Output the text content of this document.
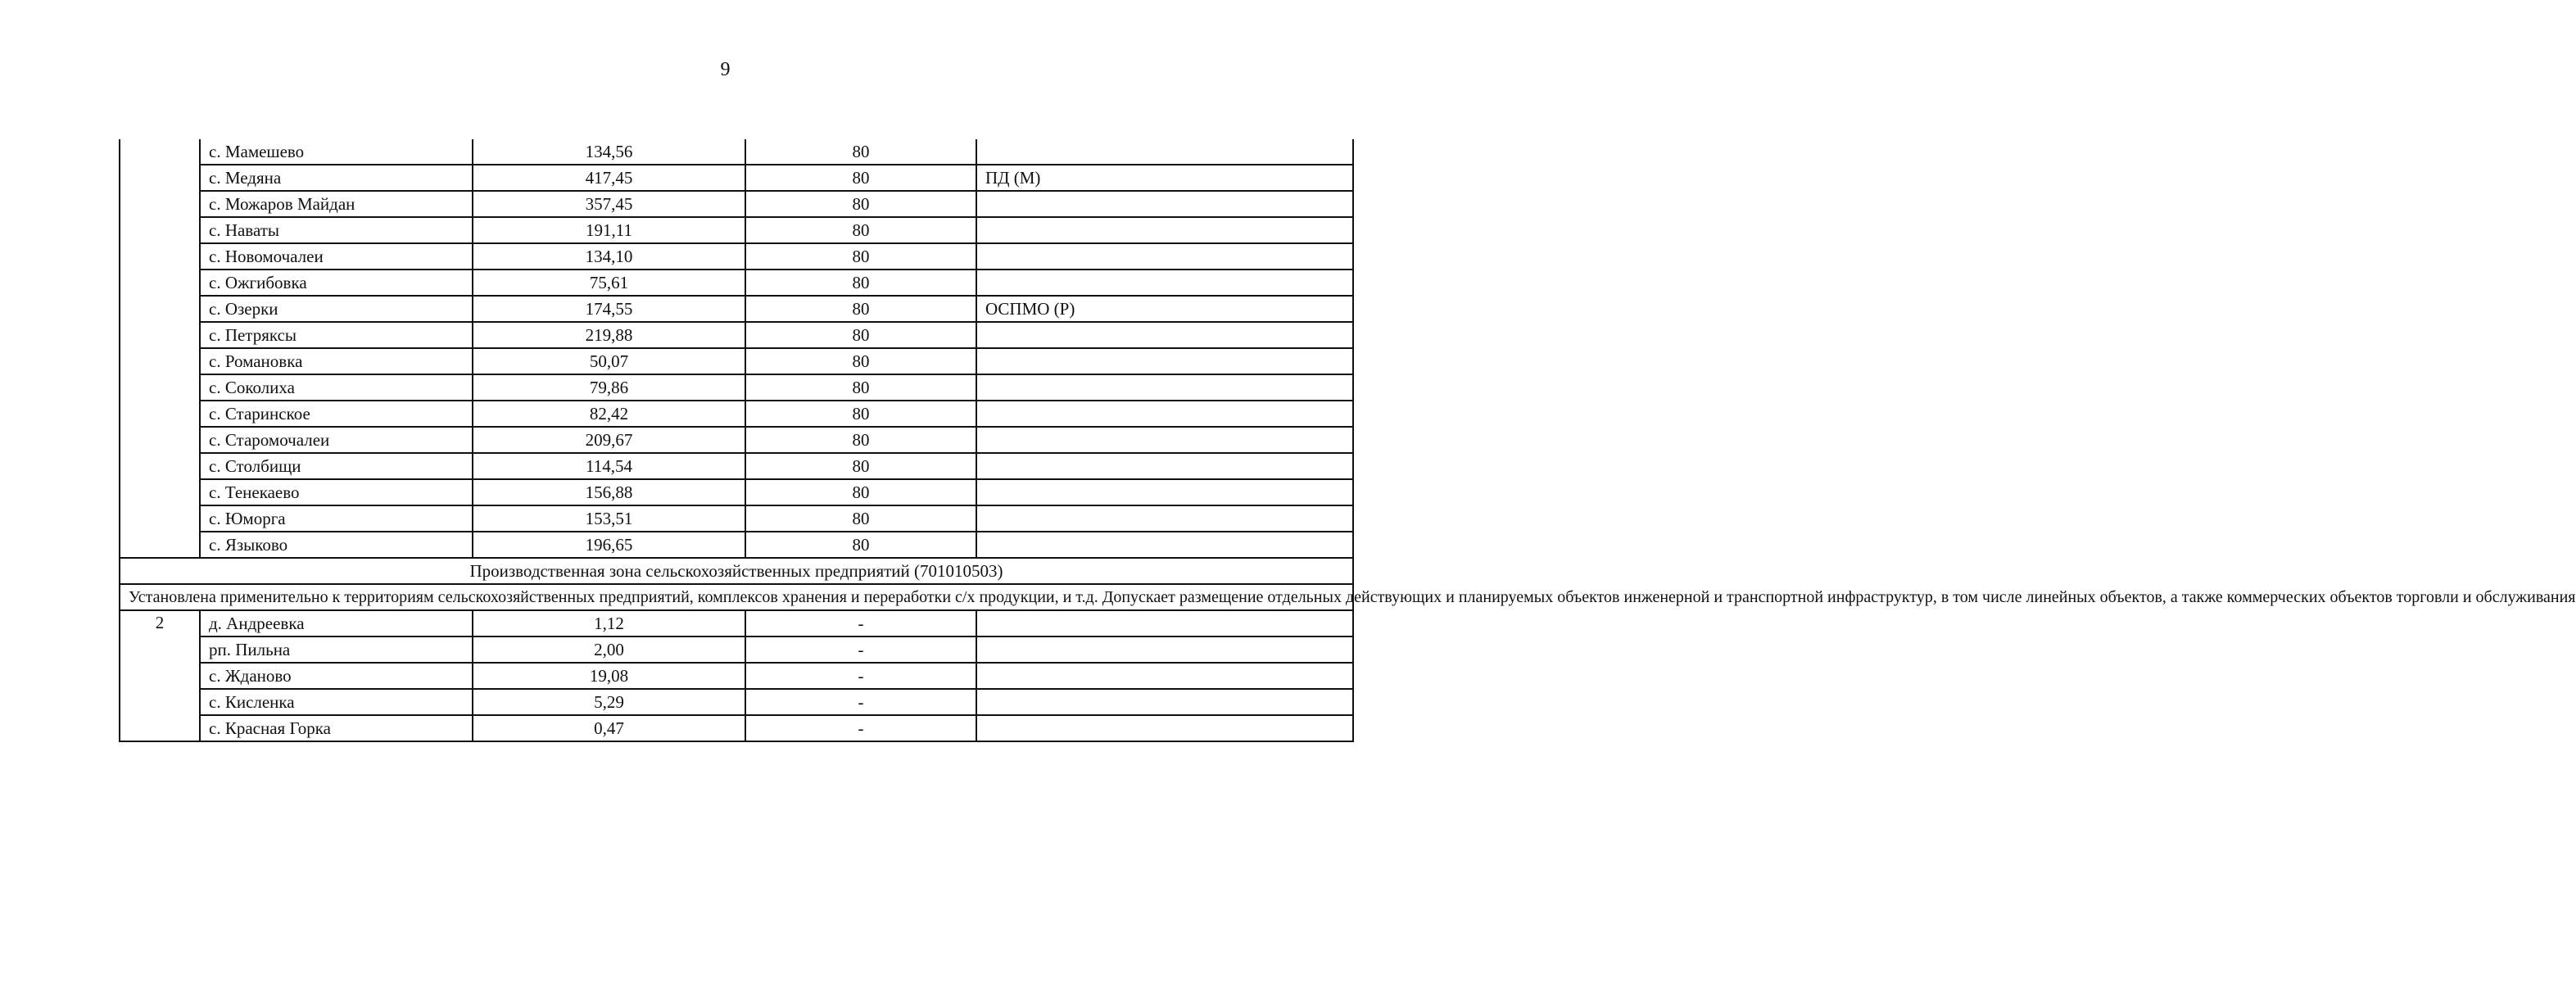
9
	с. Мамешево	134,56	80	
	с. Медяна	417,45	80	ПД (М)
	с. Можаров Майдан	357,45	80	
	с. Наваты	191,11	80	
	с. Новомочалеи	134,10	80	
	с. Ожгибовка	75,61	80	
	с. Озерки	174,55	80	ОСПМО (Р)
	с. Петряксы	219,88	80	
	с. Романовка	50,07	80	
	с. Соколиха	79,86	80	
	с. Старинское	82,42	80	
	с. Старомочалеи	209,67	80	
	с. Столбищи	114,54	80	
	с. Тенекаево	156,88	80	
	с. Юморга	153,51	80	
	с. Языково	196,65	80	
Производственная зона сельскохозяйственных предприятий (701010503)				
Установлена применительно к территориям сельскохозяйственных предприятий, комплексов хранения и переработки с/х продукции, и т.д. Допускает размещение отдельных действующих и планируемых объектов инженерной и транспортной инфраструктур, в том числе линейных объектов, а также коммерческих объектов торговли и обслуживания				
2	д. Андреевка	1,12	-	
	рп. Пильна	2,00	-	
	с. Жданово	19,08	-	
	с. Кисленка	5,29	-	
	с. Красная Горка	0,47	-	
